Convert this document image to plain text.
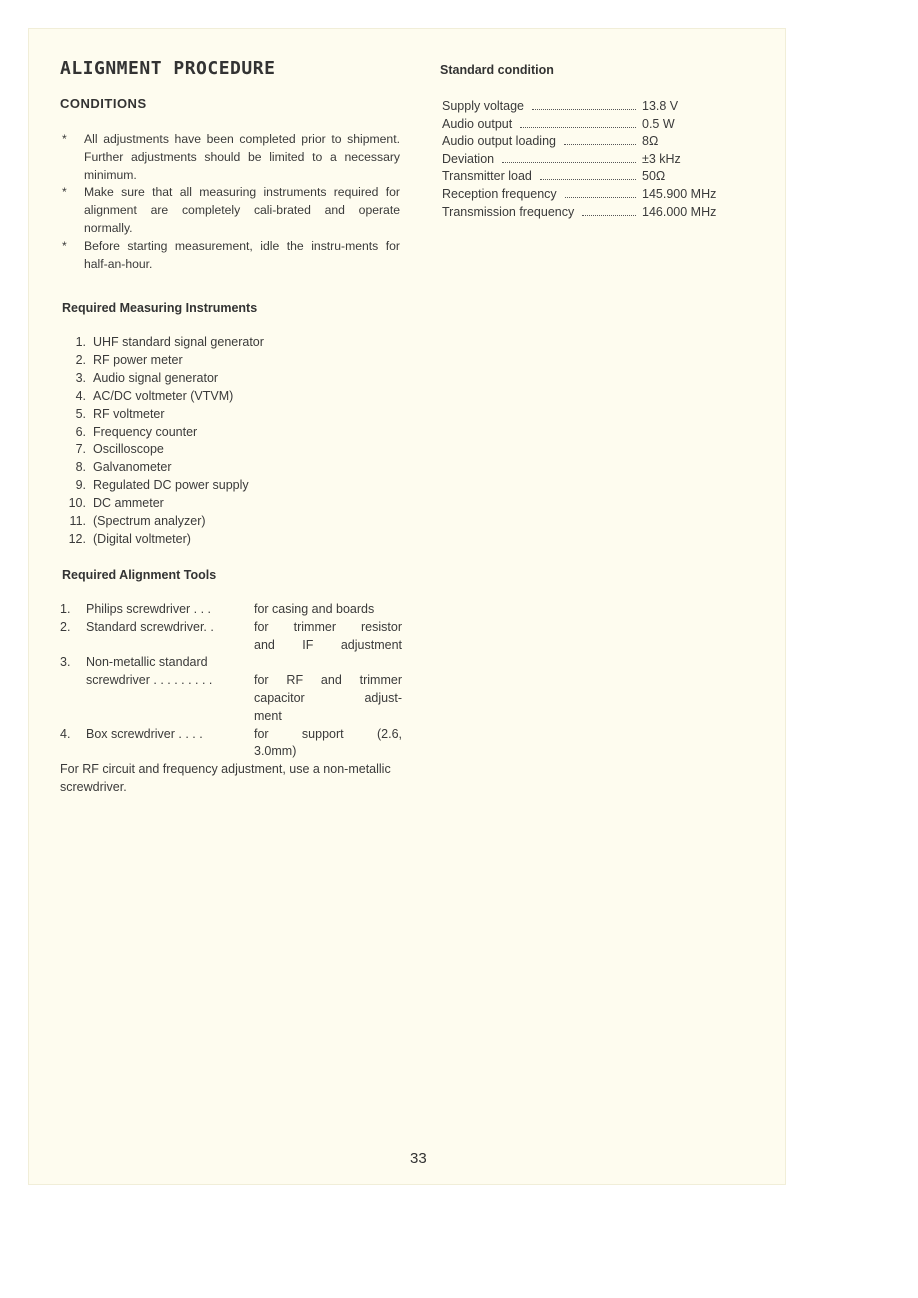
ALIGNMENT PROCEDURE
CONDITIONS
* All adjustments have been completed prior to shipment. Further adjustments should be limited to a necessary minimum.
* Make sure that all measuring instruments required for alignment are completely cali-brated and operate normally.
* Before starting measurement, idle the instru-ments for half-an-hour.
Required Measuring Instruments
1. UHF standard signal generator
2. RF power meter
3. Audio signal generator
4. AC/DC voltmeter (VTVM)
5. RF voltmeter
6. Frequency counter
7. Oscilloscope
8. Galvanometer
9. Regulated DC power supply
10. DC ammeter
11. (Spectrum analyzer)
12. (Digital voltmeter)
Required Alignment Tools
1.	Philips screwdriver . . .	for casing and boards
2.	Standard screwdriver. .	for trimmer resistor
and IF adjustment
3.	Non-metallic standard
screwdriver . . . . . . . . .	for RF and trimmer
capacitor adjust-
ment
4.	Box screwdriver . . . .	for support (2.6,
3.0mm)
For RF circuit and frequency adjustment, use a non-metallic screwdriver.
Standard condition
Supply voltage	13.8 V
Audio output	0.5 W
Audio output loading	8Ω
Deviation	±3 kHz
Transmitter load	50Ω
Reception frequency	145.900 MHz
Transmission frequency	146.000 MHz
33
